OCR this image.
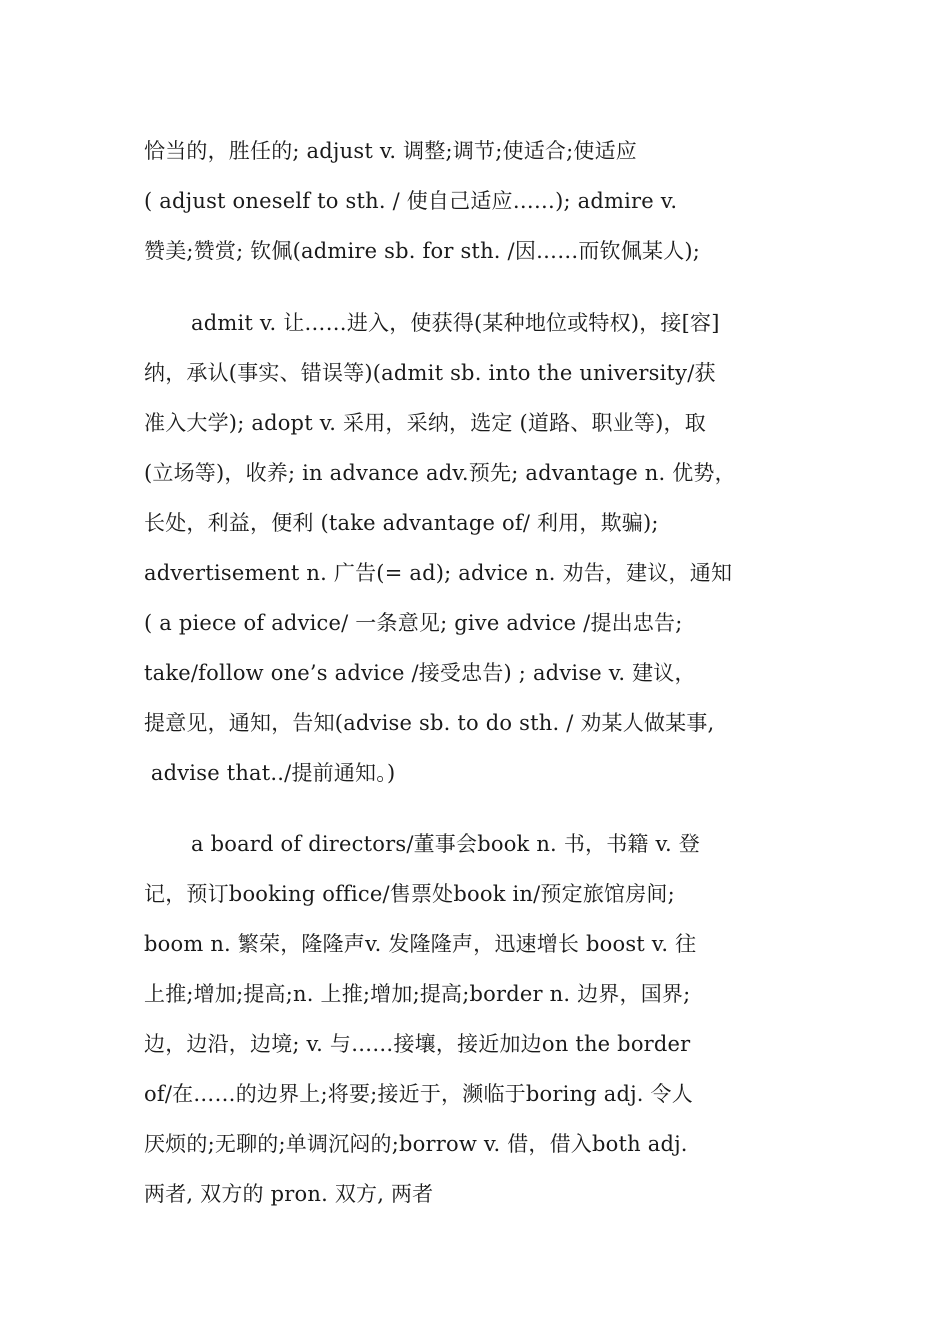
恰当的，胜任的; adjust v. 调整;调节;使适合;使适应
( adjust oneself to sth. / 使自己适应……); admire v.
赞美;赞赏; 钦佩(admire sb. for sth. /因……而钦佩某人);
admit v. 让……进入，使获得(某种地位或特权)，接[容]
纳，承认(事实、错误等)(admit sb. into the university/获
准入大学); adopt v. 采用，采纳，选定 (道路、职业等)，取
(立场等)，收养; in advance adv.预先; advantage n. 优势，
长处，利益，便利 (take advantage of/ 利用，欺骗);
advertisement n. 广告(= ad); advice n. 劝告，建议，通知
( a piece of advice/ 一条意见; give advice /提出忠告;
take/follow one’s advice /接受忠告) ; advise v. 建议，
提意见，通知，告知(advise sb. to do sth. / 劝某人做某事,
advise that../提前通知。)
a board of directors/董事会book n. 书，书籍 v. 登
记，预订booking office/售票处book in/预定旅馆房间;
boom n. 繁荣，隆隆声v. 发隆隆声，迅速增长 boost v. 往
上推;增加;提高;n. 上推;增加;提高;border n. 边界，国界;
边，边沿，边境; v. 与……接壤，接近加边on the border
of/在……的边界上;将要;接近于，濒临于boring adj. 令人
厌烦的;无聊的;单调沉闷的;borrow v. 借，借入both adj.
两者, 双方的 pron. 双方, 两者
